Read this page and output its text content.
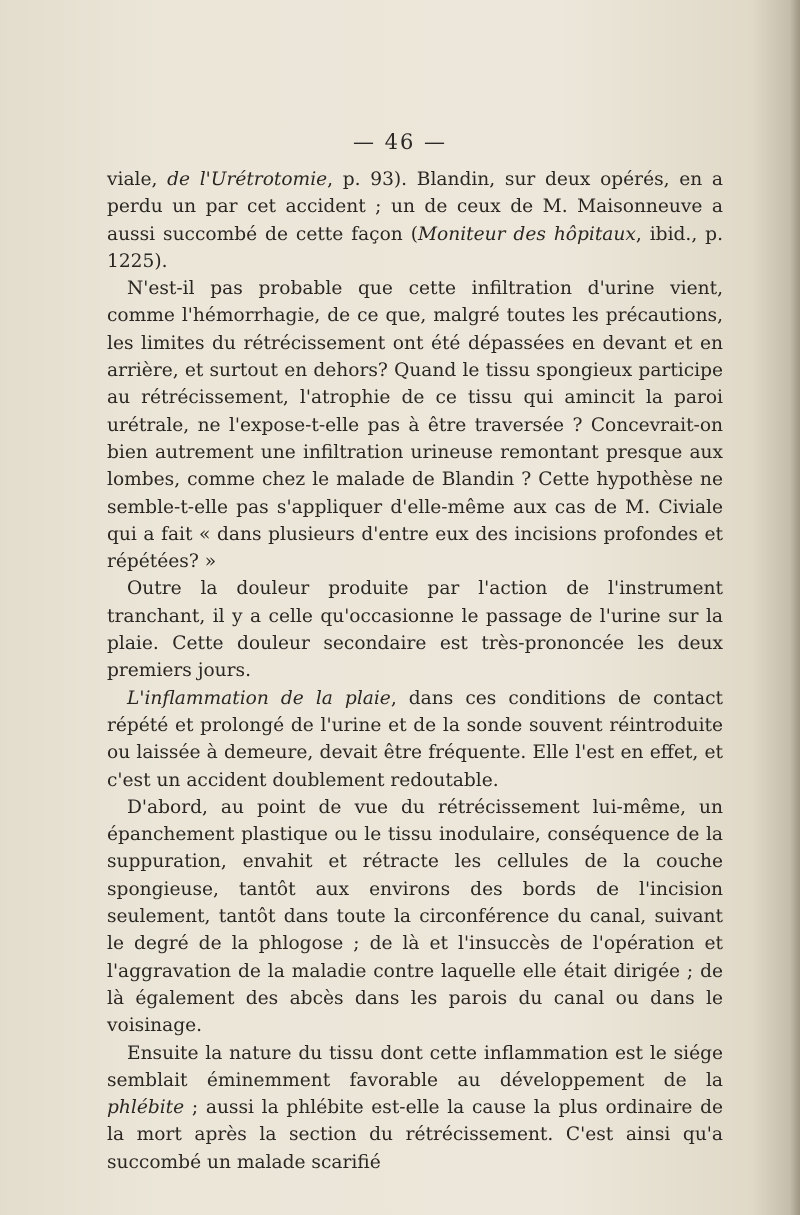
— 46 —

viale, de l'Urétrotomie, p. 93). Blandin, sur deux opérés, en a perdu un par cet accident ; un de ceux de M. Maisonneuve a aussi succombé de cette façon (Moniteur des hôpitaux, ibid., p. 1225).

N'est-il pas probable que cette infiltration d'urine vient, comme l'hémorrhagie, de ce que, malgré toutes les précautions, les limites du rétrécissement ont été dépassées en devant et en arrière, et surtout en dehors? Quand le tissu spongieux participe au rétrécissement, l'atrophie de ce tissu qui amincit la paroi urétrale, ne l'expose-t-elle pas à être traversée ? Concevrait-on bien autrement une infiltration urineuse remontant presque aux lombes, comme chez le malade de Blandin ? Cette hypothèse ne semble-t-elle pas s'appliquer d'elle-même aux cas de M. Civiale qui a fait « dans plusieurs d'entre eux des incisions profondes et répétées? »

Outre la douleur produite par l'action de l'instrument tranchant, il y a celle qu'occasionne le passage de l'urine sur la plaie. Cette douleur secondaire est très-prononcée les deux premiers jours.

L'inflammation de la plaie, dans ces conditions de contact répété et prolongé de l'urine et de la sonde souvent réintroduite ou laissée à demeure, devait être fréquente. Elle l'est en effet, et c'est un accident doublement redoutable.

D'abord, au point de vue du rétrécissement lui-même, un épanchement plastique ou le tissu inodulaire, conséquence de la suppuration, envahit et rétracte les cellules de la couche spongieuse, tantôt aux environs des bords de l'incision seulement, tantôt dans toute la circonférence du canal, suivant le degré de la phlogose ; de là et l'insuccès de l'opération et l'aggravation de la maladie contre laquelle elle était dirigée ; de là également des abcès dans les parois du canal ou dans le voisinage.

Ensuite la nature du tissu dont cette inflammation est le siége semblait éminemment favorable au développement de la phlébite ; aussi la phlébite est-elle la cause la plus ordinaire de la mort après la section du rétrécissement. C'est ainsi qu'a succombé un malade scarifié
